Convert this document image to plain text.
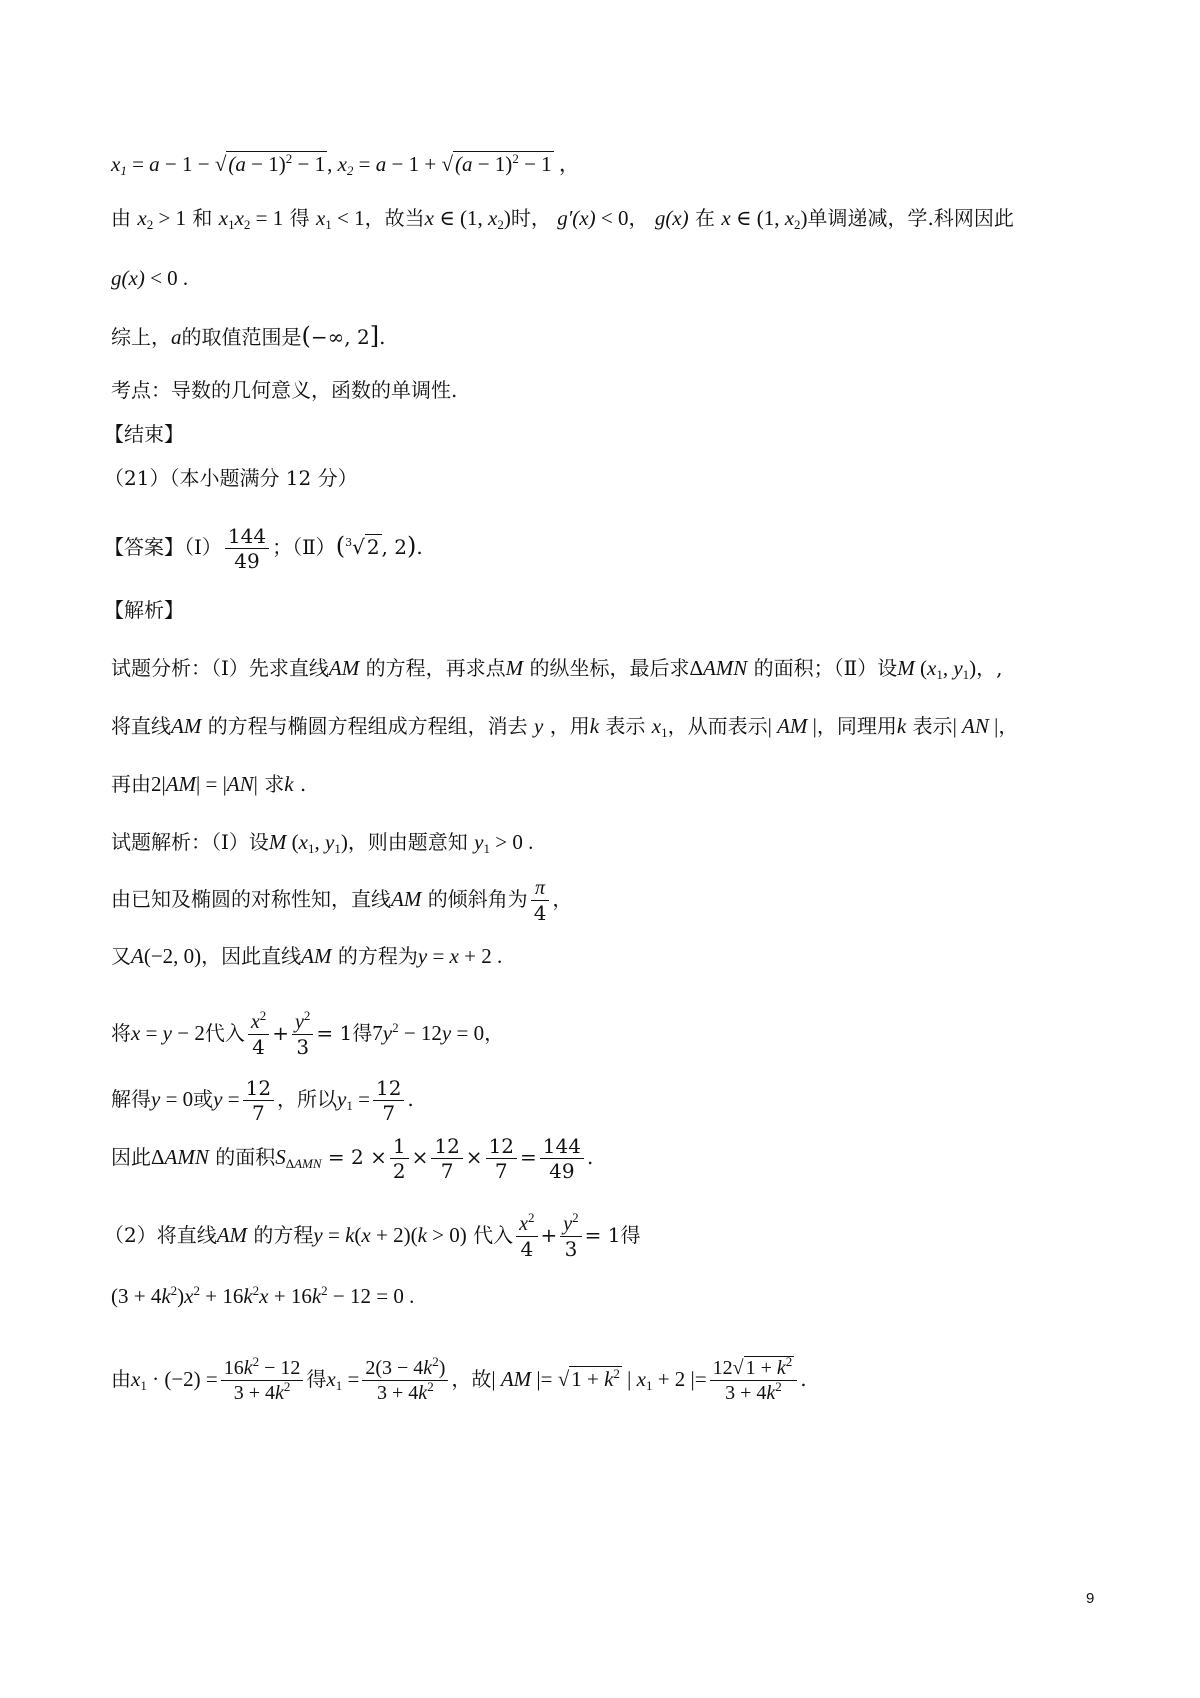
$x_1 = a - 1 - √(a - 1)^2 - 1$, $x_2 = a - 1 + √(a - 1)^2 - 1$ ，
由 $x_2 > 1$ 和 $x_1x_2 = 1$ 得 $x_1 < 1$，故当x ∈ (1, $x_2$)时， g′(x) < 0， g(x) 在 x ∈ (1, $x_2$)单调递减，学.科网因此
g(x) < 0 .
综上，a的取值范围是(−∞, 2].
考点：导数的几何意义，函数的单调性.
【结束】
（21）（本小题满分 12 分）
【答案】（Ⅰ） $\frac{144}{49}$ ；（Ⅱ）($^3$√ 2 , 2).
【解析】
试题分析：（Ⅰ）先求直线AM 的方程，再求点M 的纵坐标，最后求ΔAMN 的面积；（Ⅱ）设M ($x_1$, $y_1$)，,
将直线AM 的方程与椭圆方程组成方程组，消去 y ，用k 表示 $x_1$，从而表示| AM |，同理用k 表示| AN |，
再由2|AM| = |AN| 求k .
试题解析：（Ⅰ）设M ($x_1$, $y_1$)，则由题意知 $y_1 > 0$ .
由已知及椭圆的对称性知，直线AM 的倾斜角为 $\frac{\pi}{4}$ ，
又A(−2, 0)，因此直线AM 的方程为y = x + 2 .
将x = y − 2代入 $\frac{x^2}{4} + \frac{y^2}{3} = 1$得$7y^2 - 12y = 0$，
解得y = 0或$y = \frac{12}{7}$ ，所以$y_1 = \frac{12}{7}$ .
因此ΔAMN 的面积$S_{\Delta AMN} = 2 \times \frac{1}{2} \times \frac{12}{7} \times \frac{12}{7} = \frac{144}{49}$ .
（2）将直线AM 的方程y = k(x + 2)(k > 0) 代入 $\frac{x^2}{4} + \frac{y^2}{3} = 1$得
$(3 + 4k^2)x^2 + 16k^2x + 16k^2 - 12 = 0$ .
由$x_1 \cdot (-2) = \frac{16k^2 - 12}{3 + 4k^2}$ 得$x_1 = \frac{2(3 - 4k^2)}{3 + 4k^2}$ ，故| AM |= $√1 + k^2$ | $x_1 + 2$ |= $\frac{12√ 1 + k^2}{3 + 4k^2}$ .
9
